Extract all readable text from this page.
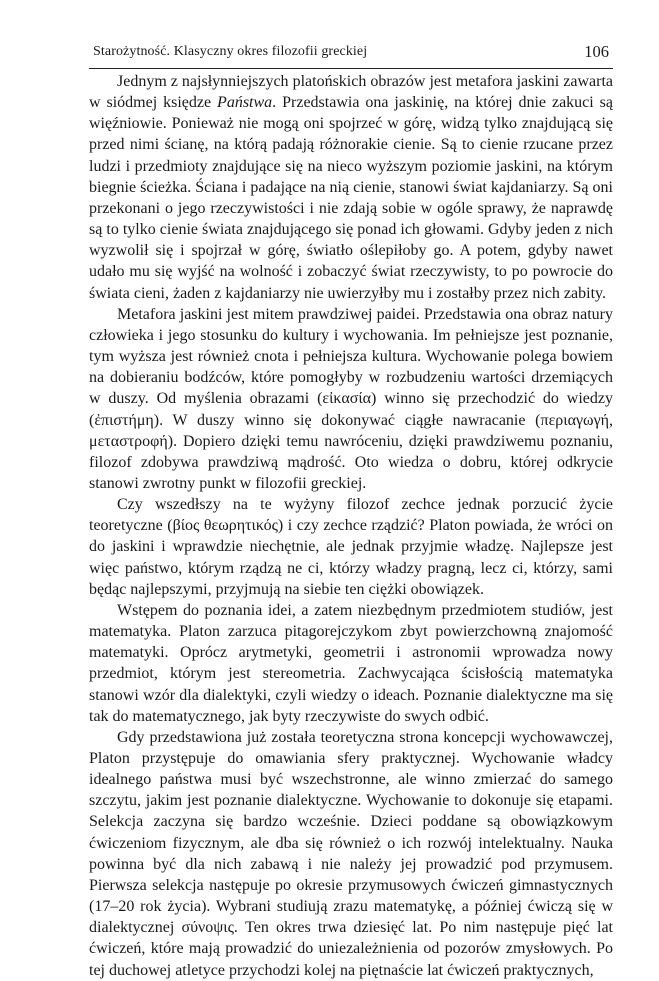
Starożytność. Klasyczny okres filozofii greckiej	106

Jednym z najsłynniejszych platońskich obrazów jest metafora jaskini zawarta w siódmej księdze Państwa. Przedstawia ona jaskinię, na której dnie zakuci są więźniowie. Ponieważ nie mogą oni spojrzeć w górę, widzą tylko znajdującą się przed nimi ścianę, na którą padają różnorakie cienie. Są to cienie rzucane przez ludzi i przedmioty znajdujące się na nieco wyższym poziomie jaskini, na którym biegnie ścieżka. Ściana i padające na nią cienie, stanowi świat kajdaniarzy. Są oni przekonani o jego rzeczywistości i nie zdają sobie w ogóle sprawy, że naprawdę są to tylko cienie świata znajdującego się ponad ich głowami. Gdyby jeden z nich wyzwolił się i spojrzał w górę, światło oślepiłoby go. A potem, gdyby nawet udało mu się wyjść na wolność i zobaczyć świat rzeczywisty, to po powrocie do świata cieni, żaden z kajdaniarzy nie uwierzyłby mu i zostałby przez nich zabity.

Metafora jaskini jest mitem prawdziwej paidei. Przedstawia ona obraz natury człowieka i jego stosunku do kultury i wychowania. Im pełniejsze jest poznanie, tym wyższa jest również cnota i pełniejsza kultura. Wychowanie polega bowiem na dobieraniu bodźców, które pomogłyby w rozbudzeniu wartości drzemiących w duszy. Od myślenia obrazami (εἰκασία) winno się przechodzić do wiedzy (ἐπιστήμη). W duszy winno się dokonywać ciągłe nawracanie (περιαγωγή, μεταστροφή). Dopiero dzięki temu nawróceniu, dzięki prawdziwemu poznaniu, filozof zdobywa prawdziwą mądrość. Oto wiedza o dobru, której odkrycie stanowi zwrotny punkt w filozofii greckiej.

Czy wszedłszy na te wyżyny filozof zechce jednak porzucić życie teoretyczne (βίος θεωρητικός) i czy zechce rządzić? Platon powiada, że wróci on do jaskini i wprawdzie niechętnie, ale jednak przyjmie władzę. Najlepsze jest więc państwo, którym rządzą ne ci, którzy władzy pragną, lecz ci, którzy, sami będąc najlepszymi, przyjmują na siebie ten ciężki obowiązek.

Wstępem do poznania idei, a zatem niezbędnym przedmiotem studiów, jest matematyka. Platon zarzuca pitagorejczykom zbyt powierzchowną znajomość matematyki. Oprócz arytmetyki, geometrii i astronomii wprowadza nowy przedmiot, którym jest stereometria. Zachwycająca ścisłością matematyka stanowi wzór dla dialektyki, czyli wiedzy o ideach. Poznanie dialektyczne ma się tak do matematycznego, jak byty rzeczywiste do swych odbić.

Gdy przedstawiona już została teoretyczna strona koncepcji wychowawczej, Platon przystępuje do omawiania sfery praktycznej. Wychowanie władcy idealnego państwa musi być wszechstronne, ale winno zmierzać do samego szczytu, jakim jest poznanie dialektyczne. Wychowanie to dokonuje się etapami. Selekcja zaczyna się bardzo wcześnie. Dzieci poddane są obowiązkowym ćwiczeniom fizycznym, ale dba się również o ich rozwój intelektualny. Nauka powinna być dla nich zabawą i nie należy jej prowadzić pod przymusem. Pierwsza selekcja następuje po okresie przymusowych ćwiczeń gimnastycznych (17–20 rok życia). Wybrani studiują zrazu matematykę, a później ćwiczą się w dialektycznej σύνοψις. Ten okres trwa dziesięć lat. Po nim następuje pięć lat ćwiczeń, które mają prowadzić do uniezależnienia od pozorów zmysłowych. Po tej duchowej atletyce przychodzi kolej na piętnaście lat ćwiczeń praktycznych,
